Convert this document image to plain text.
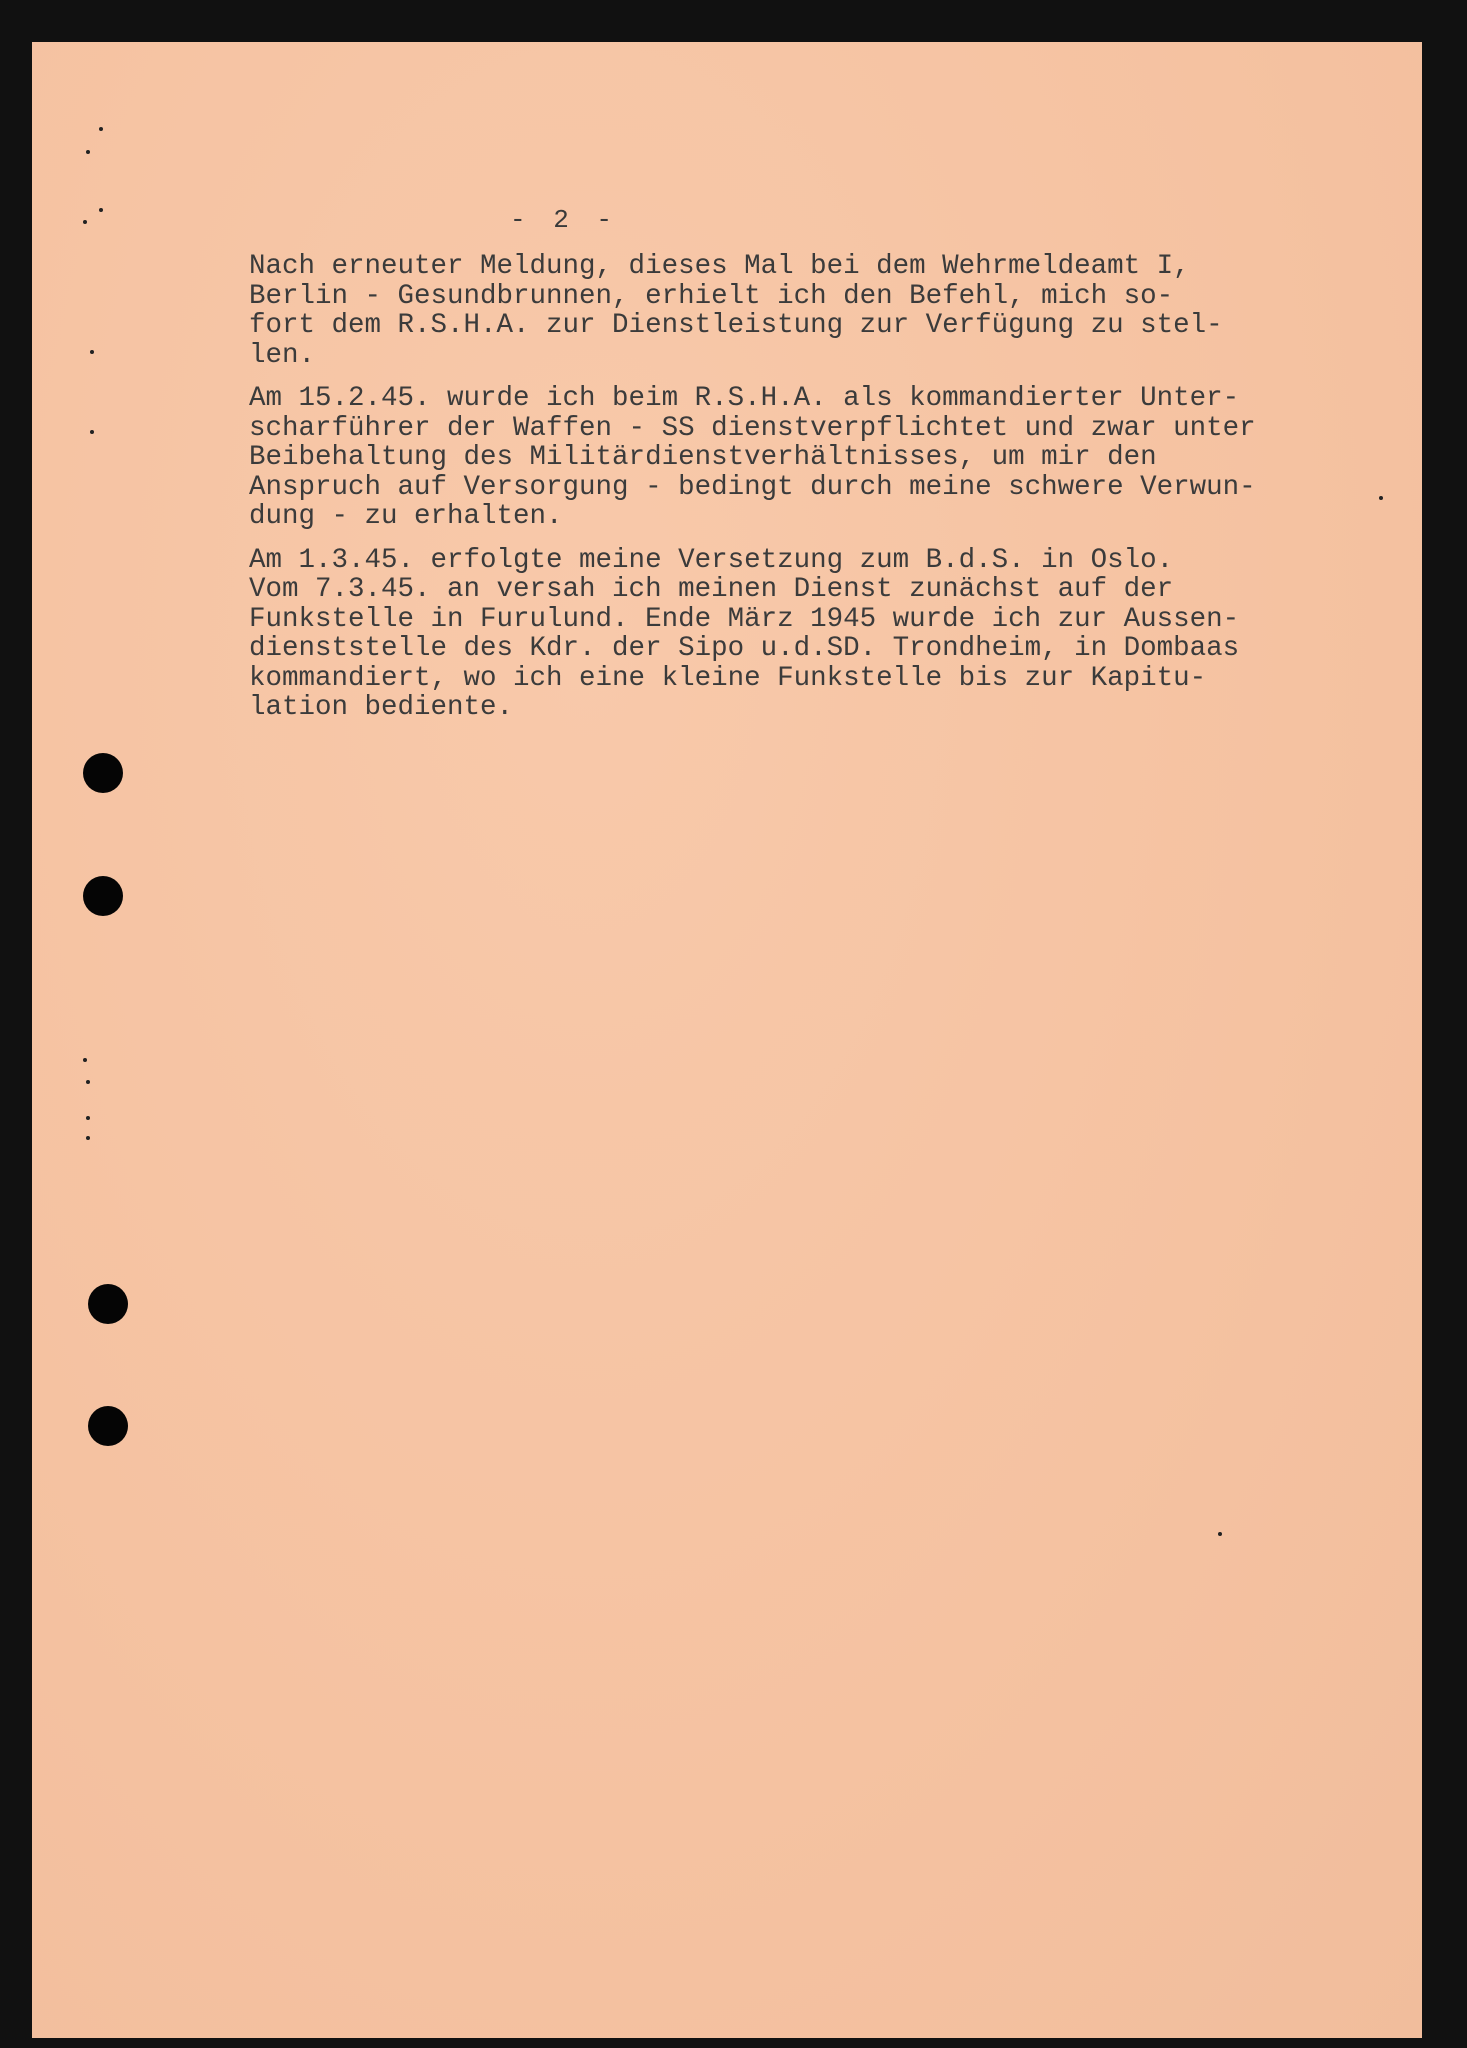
- 2 -
Nach erneuter Meldung, dieses Mal bei dem Wehrmeldeamt I,
Berlin - Gesundbrunnen, erhielt ich den Befehl, mich so-
fort dem R.S.H.A. zur Dienstleistung zur Verfügung zu stel-
len.
Am 15.2.45. wurde ich beim R.S.H.A. als kommandierter Unter-
scharführer der Waffen - SS dienstverpflichtet und zwar unter
Beibehaltung des Militärdienstverhältnisses, um mir den
Anspruch auf Versorgung - bedingt durch meine schwere Verwun-
dung - zu erhalten.
Am 1.3.45. erfolgte meine Versetzung zum B.d.S. in Oslo.
Vom 7.3.45. an versah ich meinen Dienst zunächst auf der
Funkstelle in Furulund. Ende März 1945 wurde ich zur Aussen-
dienststelle des Kdr. der Sipo u.d.SD. Trondheim, in Dombaas
kommandiert, wo ich eine kleine Funkstelle bis zur Kapitu-
lation bediente.
